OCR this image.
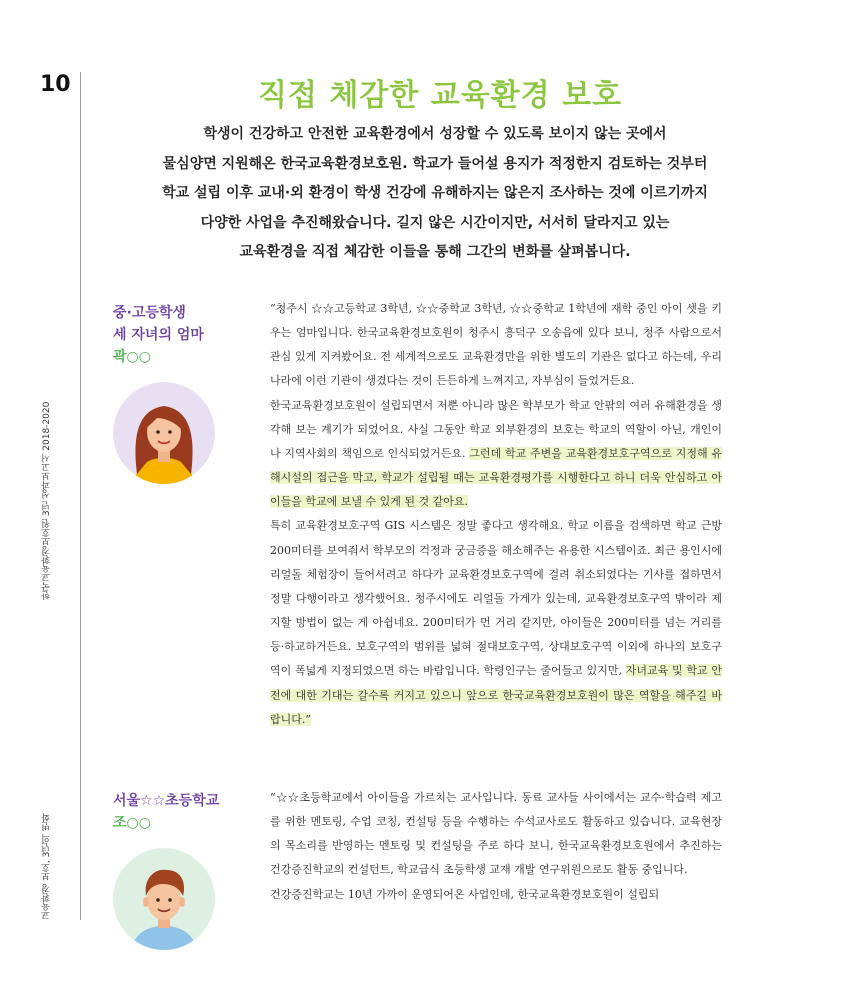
10
한국교육환경보호원 3년 성과보고서 2018-2020
교육환경 보호, 3년의 변화
직접 체감한 교육환경 보호
학생이 건강하고 안전한 교육환경에서 성장할 수 있도록 보이지 않는 곳에서
물심양면 지원해온 한국교육환경보호원. 학교가 들어설 용지가 적정한지 검토하는 것부터
학교 설립 이후 교내·외 환경이 학생 건강에 유해하지는 않은지 조사하는 것에 이르기까지
다양한 사업을 추진해왔습니다. 길지 않은 시간이지만, 서서히 달라지고 있는
교육환경을 직접 체감한 이들을 통해 그간의 변화를 살펴봅니다.
중·고등학생
세 자녀의 엄마
곽○○

“청주시 ☆☆고등학교 3학년, ☆☆중학교 3학년, ☆☆중학교 1학년에 재학 중인 아이 셋을 키우는 엄마입니다. 한국교육환경보호원이 청주시 흥덕구 오송읍에 있다 보니, 청주 사람으로서 관심 있게 지켜봤어요. 전 세계적으로도 교육환경만을 위한 별도의 기관은 없다고 하는데, 우리나라에 이런 기관이 생겼다는 것이 든든하게 느껴지고, 자부심이 들었거든요.

한국교육환경보호원이 설립되면서 저뿐 아니라 많은 학부모가 학교 안팎의 여러 유해환경을 생각해 보는 계기가 되었어요. 사실 그동안 학교 외부환경의 보호는 학교의 역할이 아닌, 개인이나 지역사회의 책임으로 인식되었거든요. 그런데 학교 주변을 교육환경보호구역으로 지정해 유해시설의 접근을 막고, 학교가 설립될 때는 교육환경평가를 시행한다고 하니 더욱 안심하고 아이들을 학교에 보낼 수 있게 된 것 같아요.

특히 교육환경보호구역 GIS 시스템은 정말 좋다고 생각해요. 학교 이름을 검색하면 학교 근방 200미터를 보여줘서 학부모의 걱정과 궁금증을 해소해주는 유용한 시스템이죠. 최근 용인시에 리얼돌 체험장이 들어서려고 하다가 교육환경보호구역에 걸려 취소되었다는 기사를 접하면서 정말 다행이라고 생각했어요. 청주시에도 리얼돌 가게가 있는데, 교육환경보호구역 밖이라 제지할 방법이 없는 게 아쉽네요. 200미터가 먼 거리 같지만, 아이들은 200미터를 넘는 거리를 등·하교하거든요. 보호구역의 범위를 넓혀 절대보호구역, 상대보호구역 이외에 하나의 보호구역이 폭넓게 지정되었으면 하는 바람입니다. 학령인구는 줄어들고 있지만, 자녀교육 및 학교 안전에 대한 기대는 갈수록 커지고 있으니 앞으로 한국교육환경보호원이 많은 역할을 해주길 바랍니다.”

서울☆☆초등학교
조○○

“☆☆초등학교에서 아이들을 가르치는 교사입니다. 동료 교사들 사이에서는 교수·학습력 제고를 위한 멘토링, 수업 코칭, 컨설팅 등을 수행하는 수석교사로도 활동하고 있습니다. 교육현장의 목소리를 반영하는 멘토링 및 컨설팅을 주로 하다 보니, 한국교육환경보호원에서 추진하는 건강증진학교의 컨설턴트, 학교급식 초등학생 교재 개발 연구위원으로도 활동 중입니다.

건강증진학교는 10년 가까이 운영되어온 사업인데, 한국교육환경보호원이 설립되
